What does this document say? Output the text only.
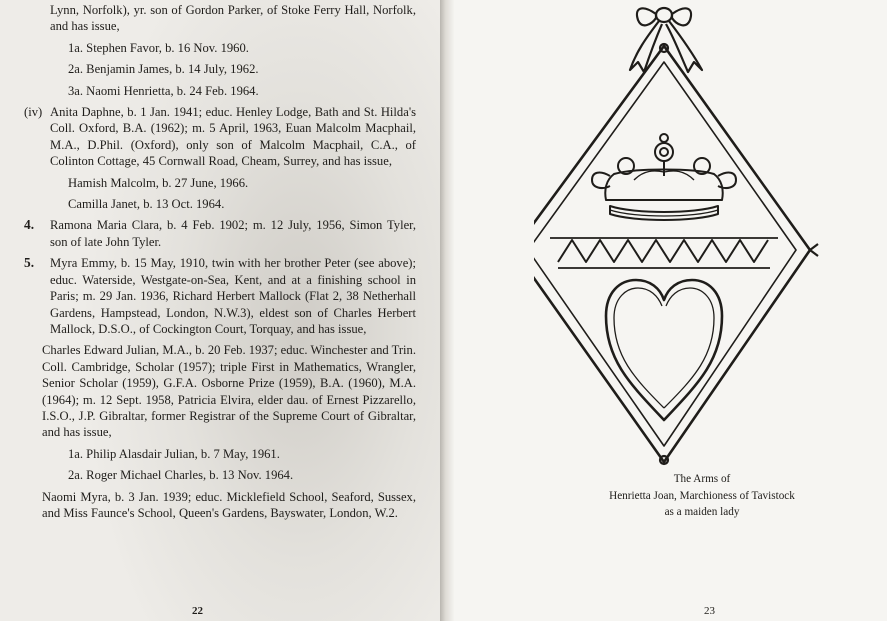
Lynn, Norfolk), yr. son of Gordon Parker, of Stoke Ferry Hall, Norfolk, and has issue,

1a. Stephen Favor, b. 16 Nov. 1960.

2a. Benjamin James, b. 14 July, 1962.

3a. Naomi Henrietta, b. 24 Feb. 1964.

(iv) Anita Daphne, b. 1 Jan. 1941; educ. Henley Lodge, Bath and St. Hilda's Coll. Oxford, B.A. (1962); m. 5 April, 1963, Euan Malcolm Macphail, M.A., D.Phil. (Oxford), only son of Malcolm Macphail, C.A., of Colinton Cottage, 45 Cornwall Road, Cheam, Surrey, and has issue,

Hamish Malcolm, b. 27 June, 1966.

Camilla Janet, b. 13 Oct. 1964.

4.	Ramona Maria Clara, b. 4 Feb. 1902; m. 12 July, 1956, Simon Tyler, son of late John Tyler.
5.	Myra Emmy, b. 15 May, 1910, twin with her brother Peter (see above); educ. Waterside, Westgate-on-Sea, Kent, and at a finishing school in Paris; m. 29 Jan. 1936, Richard Herbert Mallock (Flat 2, 38 Netherhall Gardens, Hampstead, London, N.W.3), eldest son of Charles Herbert Mallock, D.S.O., of Cockington Court, Torquay, and has issue,

Charles Edward Julian, M.A., b. 20 Feb. 1937; educ. Winchester and Trin. Coll. Cambridge, Scholar (1957); triple First in Mathematics, Wrangler, Senior Scholar (1959), G.F.A. Osborne Prize (1959), B.A. (1960), M.A. (1964); m. 12 Sept. 1958, Patricia Elvira, elder dau. of Ernest Pizzarello, I.S.O., J.P. Gibraltar, former Registrar of the Supreme Court of Gibraltar, and has issue,

1a. Philip Alasdair Julian, b. 7 May, 1961.

2a. Roger Michael Charles, b. 13 Nov. 1964.

Naomi Myra, b. 3 Jan. 1939; educ. Micklefield School, Seaford, Sussex, and Miss Faunce's School, Queen's Gardens, Bayswater, London, W.2.

22
The Arms of
Henrietta Joan, Marchioness of Tavistock
as a maiden lady
23
